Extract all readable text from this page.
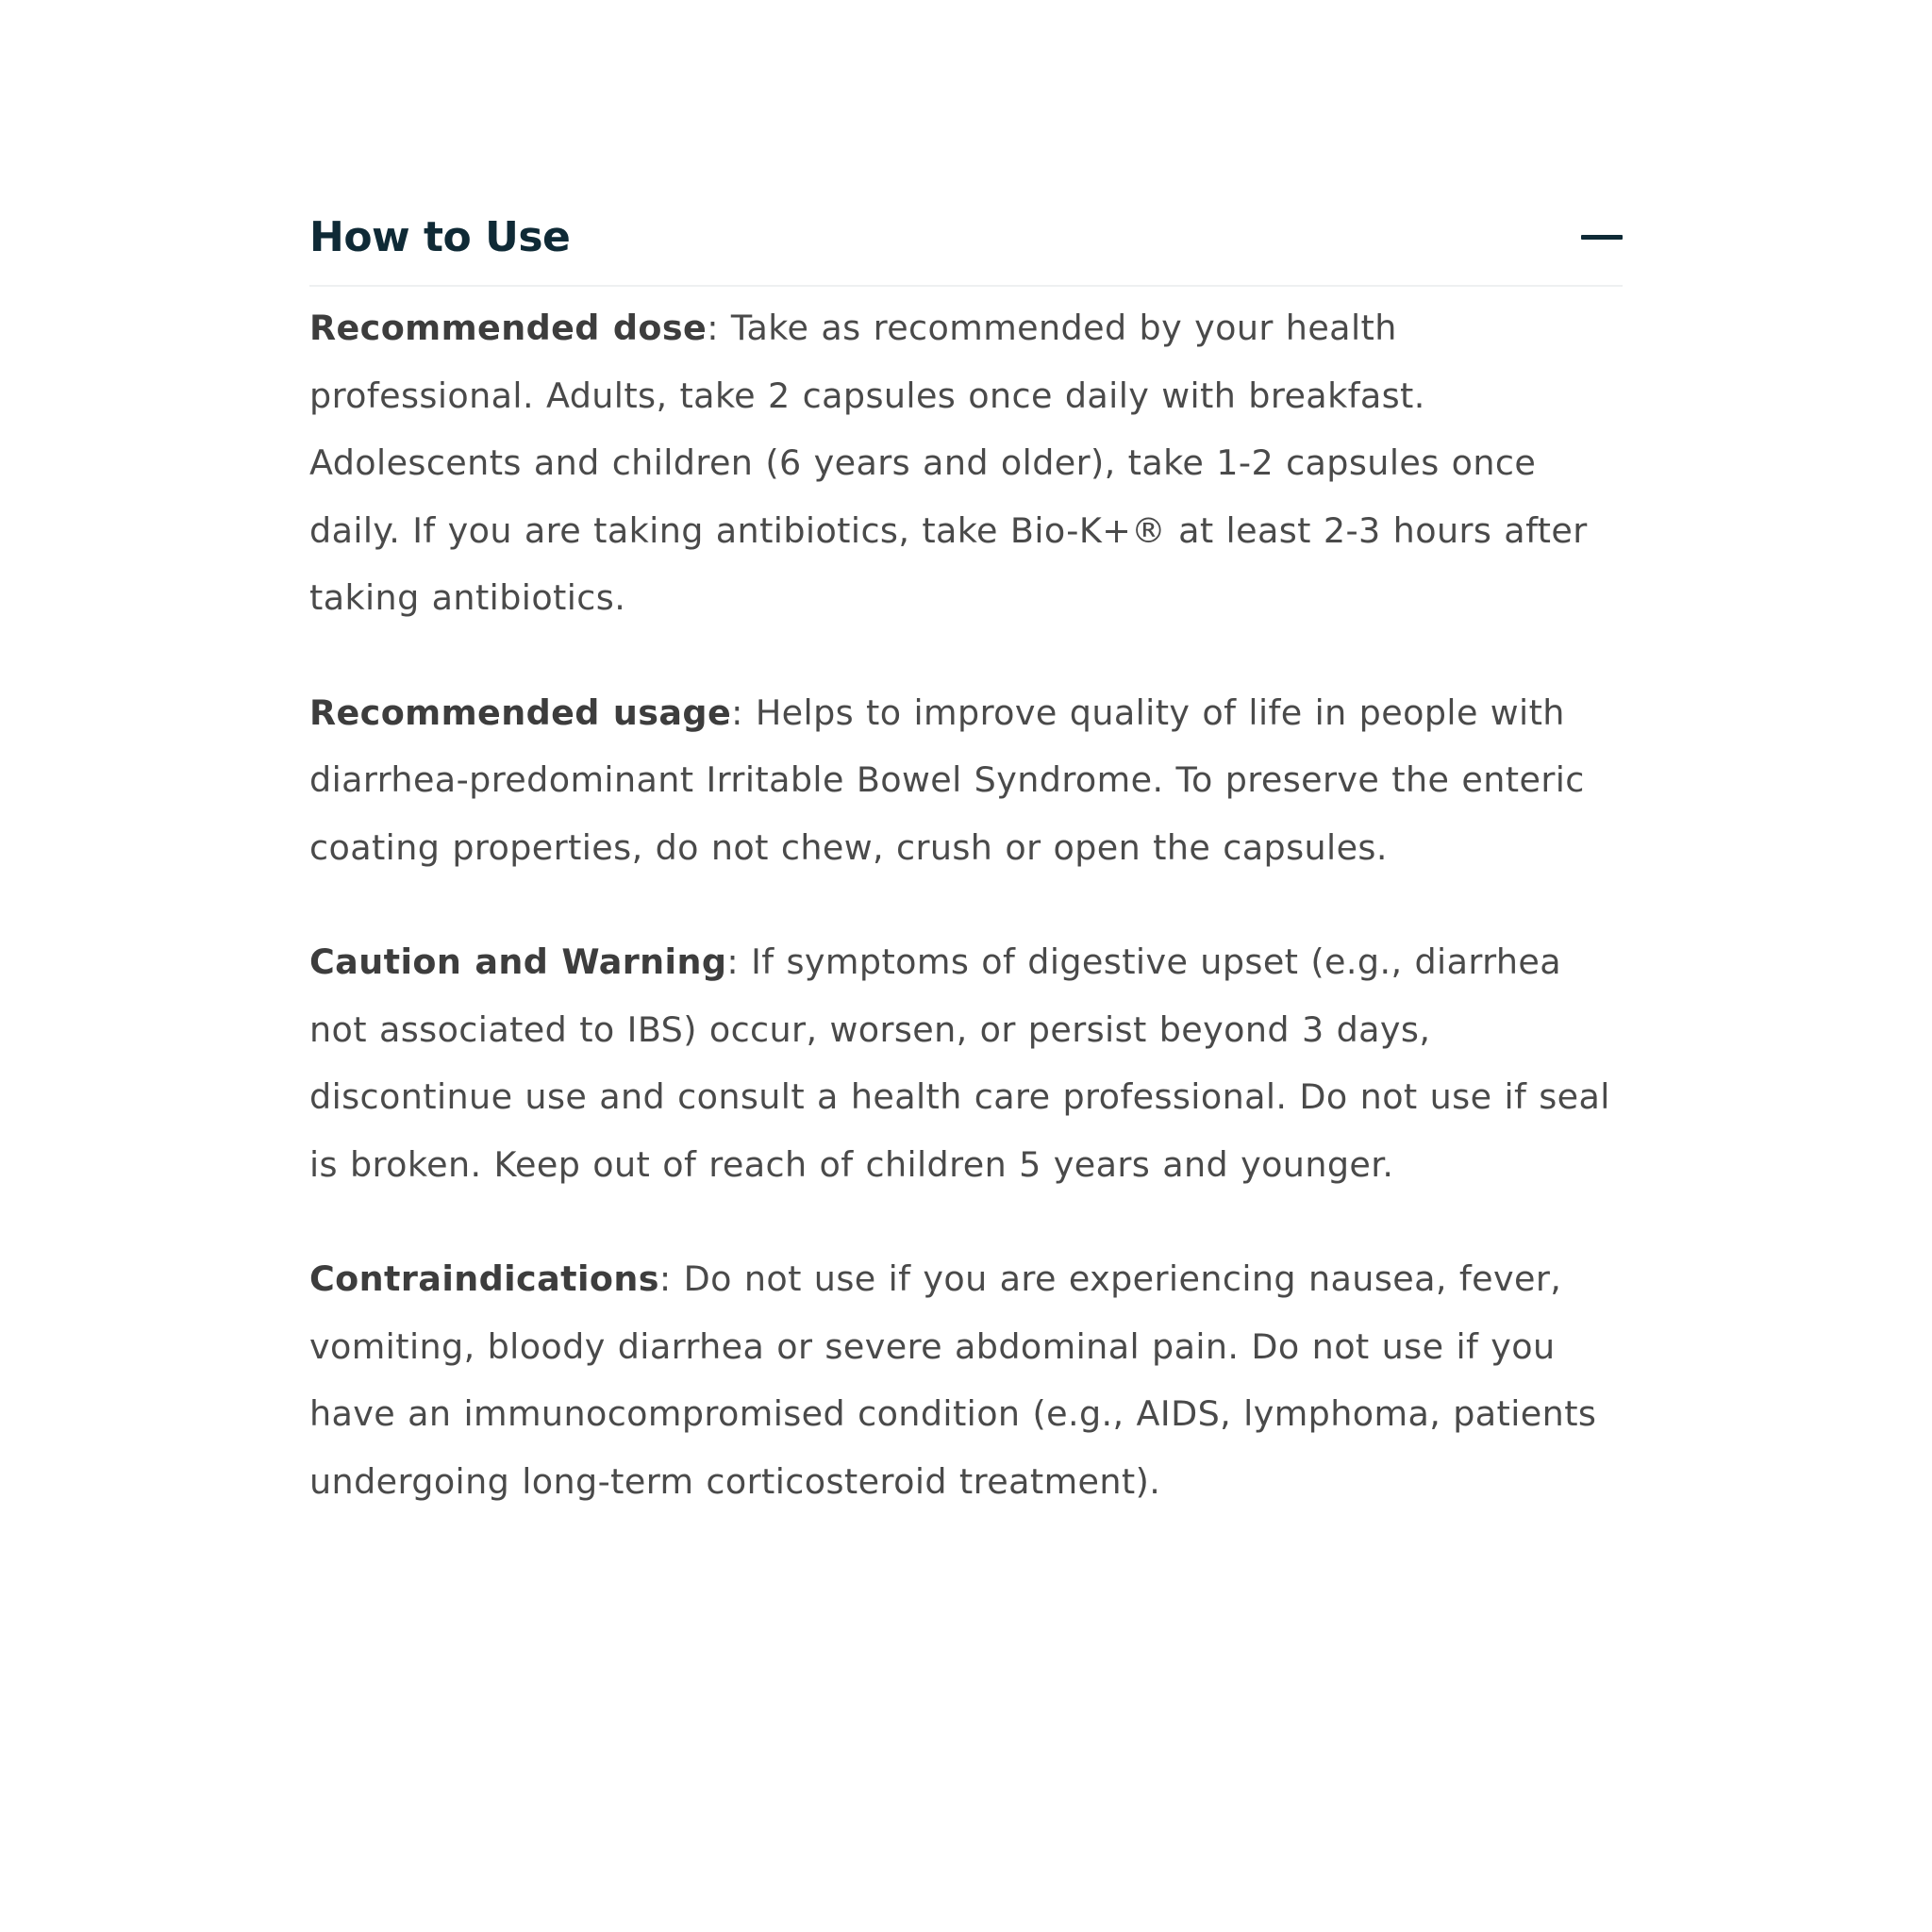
How to Use

Recommended dose: Take as recommended by your health professional. Adults, take 2 capsules once daily with breakfast. Adolescents and children (6 years and older), take 1-2 capsules once daily. If you are taking antibiotics, take Bio-K+® at least 2-3 hours after taking antibiotics.

Recommended usage: Helps to improve quality of life in people with diarrhea-predominant Irritable Bowel Syndrome. To preserve the enteric coating properties, do not chew, crush or open the capsules.

Caution and Warning: If symptoms of digestive upset (e.g., diarrhea not associated to IBS) occur, worsen, or persist beyond 3 days, discontinue use and consult a health care professional. Do not use if seal is broken. Keep out of reach of children 5 years and younger.

Contraindications: Do not use if you are experiencing nausea, fever, vomiting, bloody diarrhea or severe abdominal pain. Do not use if you have an immunocompromised condition (e.g., AIDS, lymphoma, patients undergoing long-term corticosteroid treatment).
